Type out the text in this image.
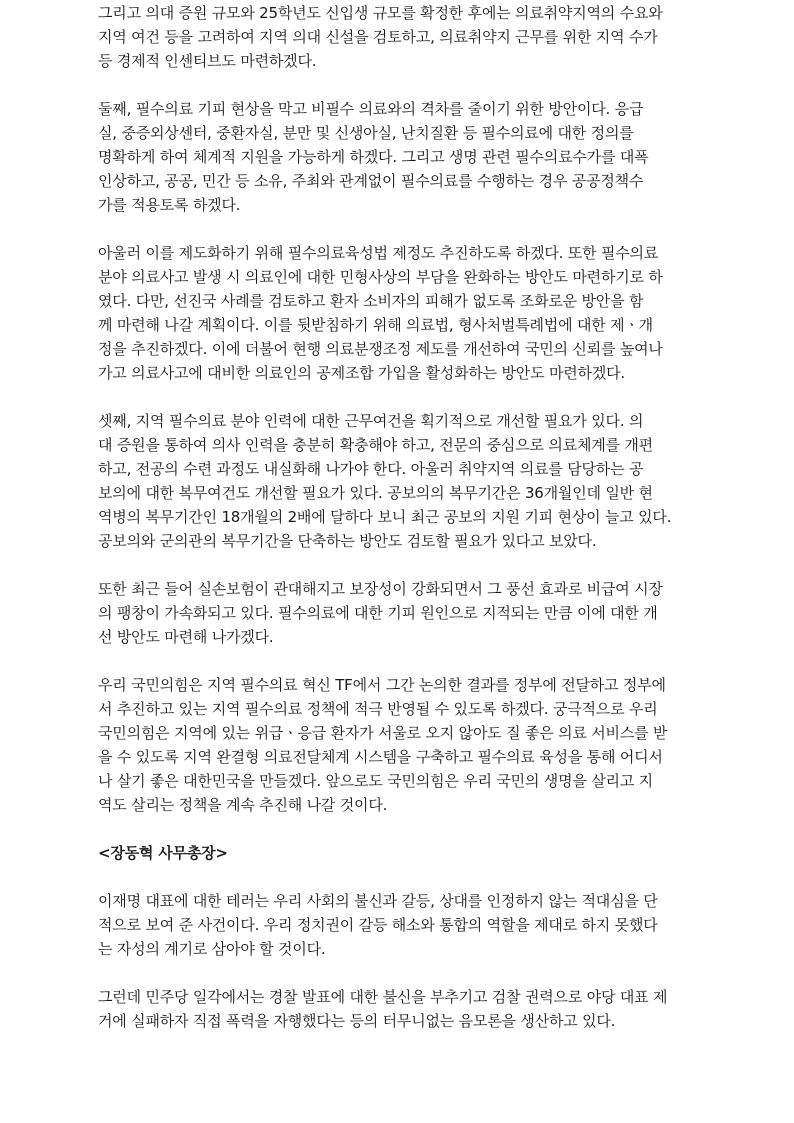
그리고 의대 증원 규모와 25학년도 신입생 규모를 확정한 후에는 의료취약지역의 수요와
지역 여건 등을 고려하여 지역 의대 신설을 검토하고, 의료취약지 근무를 위한 지역 수가
등 경제적 인센티브도 마련하겠다.
둘째, 필수의료 기피 현상을 막고 비필수 의료와의 격차를 줄이기 위한 방안이다. 응급
실, 중증외상센터, 중환자실, 분만 및 신생아실, 난치질환 등 필수의료에 대한 정의를
명확하게 하여 체계적 지원을 가능하게 하겠다. 그리고 생명 관련 필수의료수가를 대폭
인상하고, 공공, 민간 등 소유, 주최와 관계없이 필수의료를 수행하는 경우 공공정책수
가를 적용토록 하겠다.
아울러 이를 제도화하기 위해 필수의료육성법 제정도 추진하도록 하겠다. 또한 필수의료
분야 의료사고 발생 시 의료인에 대한 민형사상의 부담을 완화하는 방안도 마련하기로 하
였다. 다만, 선진국 사례를 검토하고 환자 소비자의 피해가 없도록 조화로운 방안을 함
께 마련해 나갈 계획이다. 이를 뒷받침하기 위해 의료법, 형사처벌특례법에 대한 제ㆍ개
정을 추진하겠다. 이에 더불어 현행 의료분쟁조정 제도를 개선하여 국민의 신뢰를 높여나
가고 의료사고에 대비한 의료인의 공제조합 가입을 활성화하는 방안도 마련하겠다.
셋째, 지역 필수의료 분야 인력에 대한 근무여건을 획기적으로 개선할 필요가 있다. 의
대 증원을 통하여 의사 인력을 충분히 확충해야 하고, 전문의 중심으로 의료체계를 개편
하고, 전공의 수련 과정도 내실화해 나가야 한다. 아울러 취약지역 의료를 담당하는 공
보의에 대한 복무여건도 개선할 필요가 있다. 공보의의 복무기간은 36개월인데 일반 현
역병의 복무기간인 18개월의 2배에 달하다 보니 최근 공보의 지원 기피 현상이 늘고 있다.
공보의와 군의관의 복무기간을 단축하는 방안도 검토할 필요가 있다고 보았다.
또한 최근 들어 실손보험이 관대해지고 보장성이 강화되면서 그 풍선 효과로 비급여 시장
의 팽창이 가속화되고 있다. 필수의료에 대한 기피 원인으로 지적되는 만큼 이에 대한 개
선 방안도 마련해 나가겠다.
우리 국민의힘은 지역 필수의료 혁신 TF에서 그간 논의한 결과를 정부에 전달하고 정부에
서 추진하고 있는 지역 필수의료 정책에 적극 반영될 수 있도록 하겠다. 궁극적으로 우리
국민의힘은 지역에 있는 위급ㆍ응급 환자가 서울로 오지 않아도 질 좋은 의료 서비스를 받
을 수 있도록 지역 완결형 의료전달체계 시스템을 구축하고 필수의료 육성을 통해 어디서
나 살기 좋은 대한민국을 만들겠다. 앞으로도 국민의힘은 우리 국민의 생명을 살리고 지
역도 살리는 정책을 계속 추진해 나갈 것이다.
<장동혁 사무총장>
이재명 대표에 대한 테러는 우리 사회의 불신과 갈등, 상대를 인정하지 않는 적대심을 단
적으로 보여 준 사건이다. 우리 정치권이 갈등 해소와 통합의 역할을 제대로 하지 못했다
는 자성의 계기로 삼아야 할 것이다.
그런데 민주당 일각에서는 경찰 발표에 대한 불신을 부추기고 검찰 권력으로 야당 대표 제
거에 실패하자 직접 폭력을 자행했다는 등의 터무니없는 음모론을 생산하고 있다.
